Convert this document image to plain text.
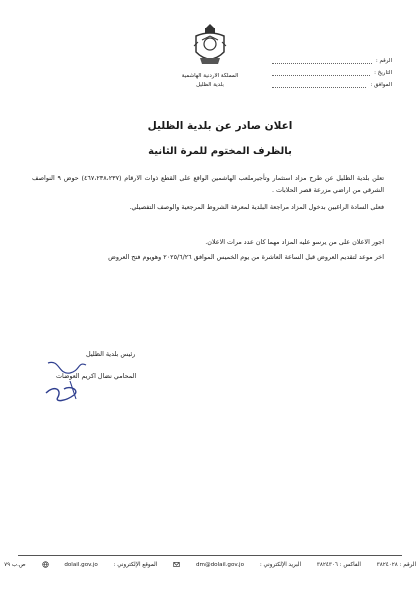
المملكة الاردنية الهاشمية
بلدية الظليل
الرقم :
التاريخ :
الموافق :
اعلان صادر عن بلدية الظليل
بالظرف المختوم للمرة الثانية
تعلن بلدية الظليل عن طرح مزاد استثمار وتأجيرملعب الهاشمين الواقع على القطع ذوات الارقام (٤٦٧،٢٣٨،٢٣٧) حوض ٩ النواصف الشرقي من اراضي مزرعة قصر الحلابات .
فعلى السادة الراغبين بدخول المزاد مراجعة البلدية لمعرفة الشروط المرجعية والوصف التفصيلي.
اجور الاعلان على من يرسو عليه المزاد مهما كان عدد مرات الاعلان.
اخر موعد لتقديم العروض قبل الساعة العاشرة من يوم الخميس الموافق ٢٠٢٥/٦/٢٦ وهويوم فتح العروض
رئيس بلدية الظليل
المحامي نضال اكريم العوضات
الرقم : ٣٨٢٤٠٢٨
الفاكس : ٣٨٢٤٣٠٦
البريد الإلكتروني :
dm@dolail.gov.jo
الموقع الإلكتروني :
dolail.gov.jo
ص.ب ٧٩
